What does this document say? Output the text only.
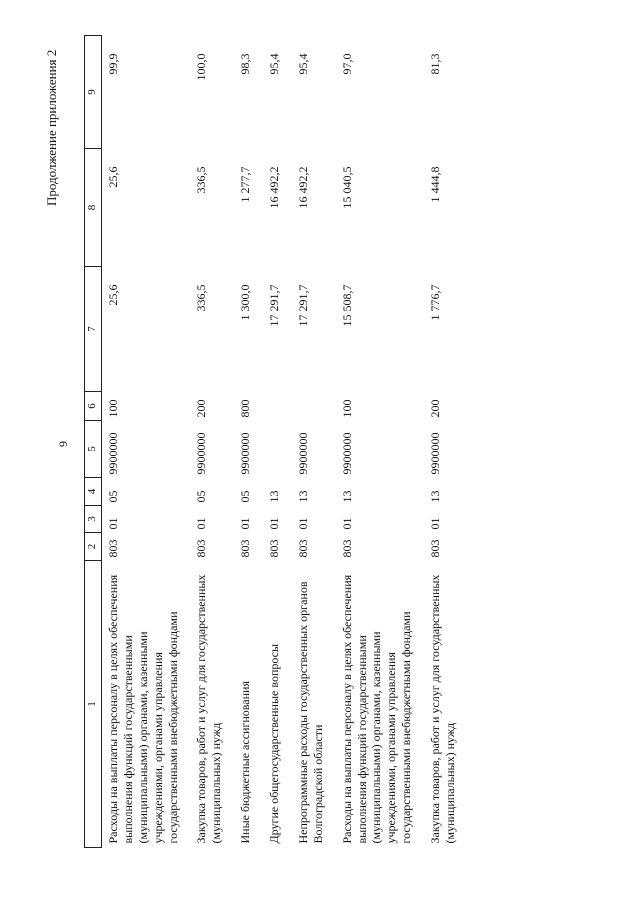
9
Продолжение приложения 2
1	2	3	4	5	6	7	8	9
Расходы на выплаты персоналу в целях обеспечения выполнения функций государственными (муниципальными) органами, казенными учреждениями, органами управления государственными внебюджетными фондами	803	01	05	9900000	100	25,6	25,6	99,9
Закупка товаров, работ и услуг для государственных (муниципальных) нужд	803	01	05	9900000	200	336,5	336,5	100,0
Иные бюджетные ассигнования	803	01	05	9900000	800	1 300,0	1 277,7	98,3
Другие общегосударственные вопросы	803	01	13			17 291,7	16 492,2	95,4
Непрограммные расходы государственных органов Волгоградской области	803	01	13	9900000		17 291,7	16 492,2	95,4
Расходы на выплаты персоналу в целях обеспечения выполнения функций государственными (муниципальными) органами, казенными учреждениями, органами управления государственными внебюджетными фондами	803	01	13	9900000	100	15 508,7	15 040,5	97,0
Закупка товаров, работ и услуг для государственных (муниципальных) нужд	803	01	13	9900000	200	1 776,7	1 444,8	81,3
